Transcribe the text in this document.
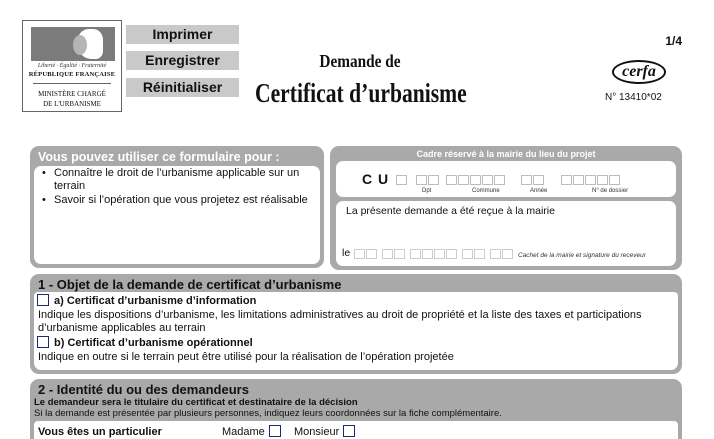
Liberté · Égalité · Fraternité
RÉPUBLIQUE FRANÇAISE
MINISTÈRE CHARGÉ
DE L'URBANISME
Imprimer
Enregistrer
Réinitialiser
Demande de
Certificat d’urbanisme
1/4
cerfa
N° 13410*02
Vous pouvez utiliser ce formulaire pour :
• Connaître le droit de l’urbanisme applicable sur un
terrain
• Savoir si l’opération que vous projetez est réalisable
Cadre réservé à la mairie du lieu du projet
C U
Dpt	Commune	Année	N° de dossier
La présente demande a été reçue à la mairie
le	Cachet de la mairie et signature du receveur
1 - Objet de la demande de certificat d’urbanisme
a) Certificat d’urbanisme d’information
Indique les dispositions d’urbanisme, les limitations administratives au droit de propriété et la liste des taxes et participations
d’urbanisme applicables au terrain
b) Certificat d’urbanisme opérationnel
Indique en outre si le terrain peut être utilisé pour la réalisation de l’opération projetée
2 - Identité du ou des demandeurs
Le demandeur sera le titulaire du certificat et destinataire de la décision
Si la demande est présentée par plusieurs personnes, indiquez leurs coordonnées sur la fiche complémentaire.
Vous êtes un particulier	Madame	Monsieur
